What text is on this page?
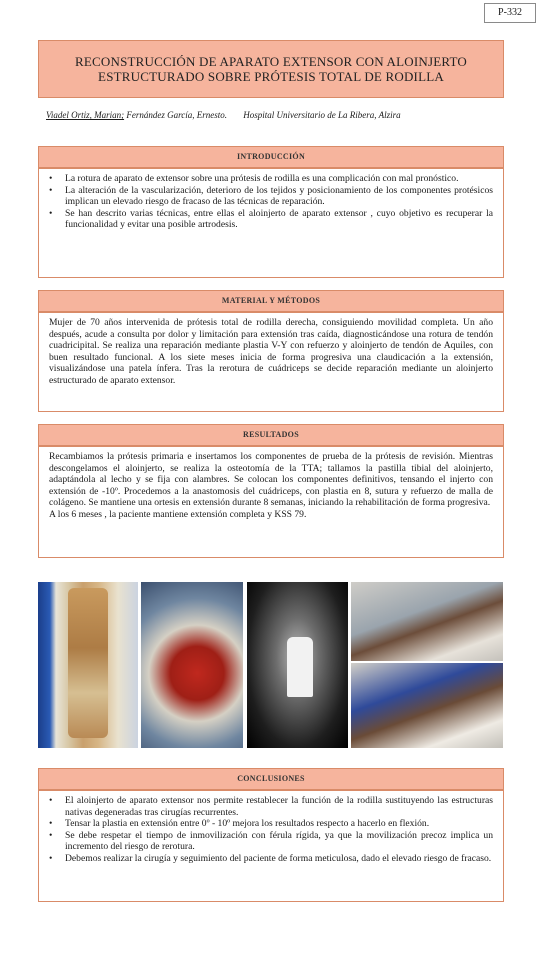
P-332
RECONSTRUCCIÓN DE APARATO EXTENSOR CON ALOINJERTO
ESTRUCTURADO SOBRE PRÓTESIS TOTAL DE RODILLA
Viadel Ortiz, Marian; Fernández García, Ernesto. Hospital Universitario de La Ribera, Alzira
INTRODUCCIÓN
• La rotura de aparato de extensor sobre una prótesis de rodilla es una complicación con mal pronóstico.
• La alteración de la vascularización, deterioro de los tejidos y posicionamiento de los componentes protésicos implican un elevado riesgo de fracaso de las técnicas de reparación.
• Se han descrito varias técnicas, entre ellas el aloinjerto de aparato extensor , cuyo objetivo es recuperar la funcionalidad y evitar una posible artrodesis.
MATERIAL Y MÉTODOS

Mujer de 70 años intervenida de prótesis total de rodilla derecha, consiguiendo movilidad completa. Un año después, acude a consulta por dolor y limitación para extensión tras caída, diagnosticándose una rotura de tendón cuadricipital. Se realiza una reparación mediante plastia V-Y con refuerzo y aloinjerto de tendón de Aquiles, con buen resultado funcional. A los siete meses inicia de forma progresiva una claudicación a la extensión, visualizándose una patela ínfera. Tras la rerotura de cuádriceps se decide reparación mediante un aloinjerto estructurado de aparato extensor.

RESULTADOS

Recambiamos la prótesis primaria e insertamos los componentes de prueba de la prótesis de revisión. Mientras descongelamos el aloinjerto, se realiza la osteotomía de la TTA; tallamos la pastilla tibial del aloinjerto, adaptándola al lecho y se fija con alambres. Se colocan los componentes definitivos, tensando el injerto con extensión de -10º. Procedemos a la anastomosis del cuádriceps, con plastia en 8, sutura y refuerzo de malla de colágeno. Se mantiene una ortesis en extensión durante 8 semanas, iniciando la rehabilitación de forma progresiva.

A los 6 meses , la paciente mantiene extensión completa y KSS 79.

CONCLUSIONES
• El aloinjerto de aparato extensor nos permite restablecer la función de la rodilla sustituyendo las estructuras nativas degeneradas tras cirugías recurrentes.
• Tensar la plastia en extensión entre 0º - 10º mejora los resultados respecto a hacerlo en flexión.
• Se debe respetar el tiempo de inmovilización con férula rígida, ya que la movilización precoz implica un incremento del riesgo de rerotura.
• Debemos realizar la cirugía y seguimiento del paciente de forma meticulosa, dado el elevado riesgo de fracaso.
